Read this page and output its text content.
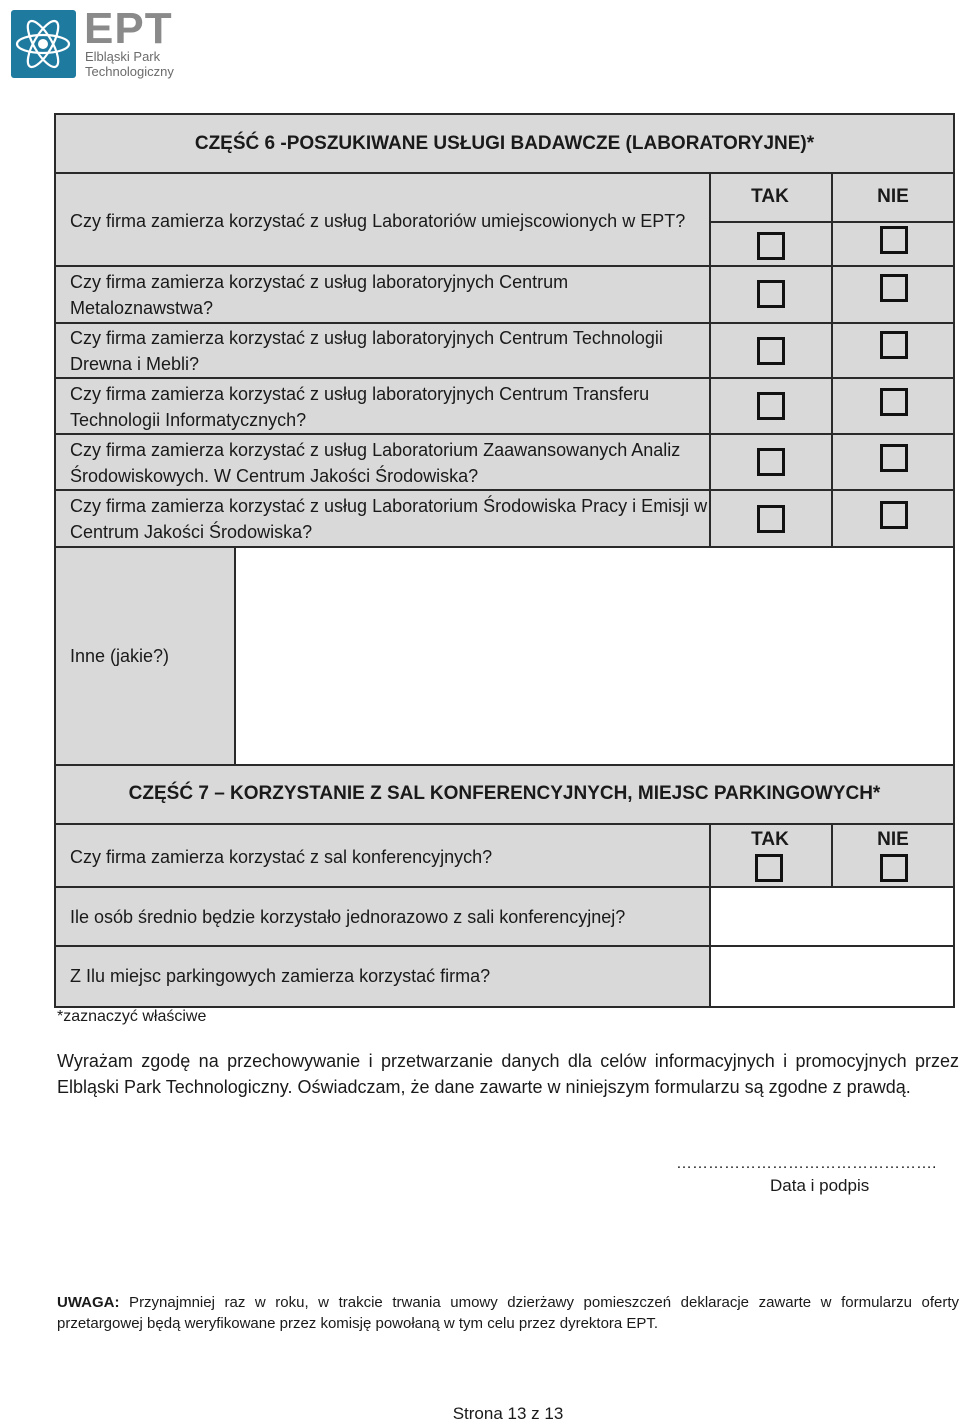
EPT
Elbląski Park
Technologiczny
CZĘŚĆ 6 -POSZUKIWANE USŁUGI BADAWCZE (LABORATORYJNE)*
TAK	NIE
Czy firma zamierza korzystać z usług Laboratoriów umiejscowionych w EPT?
Czy firma zamierza korzystać z usług laboratoryjnych Centrum Metaloznawstwa?
Czy firma zamierza korzystać z usług laboratoryjnych Centrum Technologii Drewna i Mebli?
Czy firma zamierza korzystać z usług laboratoryjnych Centrum Transferu Technologii Informatycznych?
Czy firma zamierza korzystać z usług Laboratorium Zaawansowanych Analiz Środowiskowych. W Centrum Jakości Środowiska?
Czy firma zamierza korzystać z usług Laboratorium Środowiska Pracy i Emisji w Centrum Jakości Środowiska?
Inne (jakie?)
CZĘŚĆ 7 – KORZYSTANIE Z SAL KONFERENCYJNYCH, MIEJSC PARKINGOWYCH*
Czy firma zamierza korzystać z sal konferencyjnych?
TAK	NIE
Ile osób średnio będzie korzystało jednorazowo z sali konferencyjnej?
Z Ilu miejsc parkingowych zamierza korzystać firma?
*zaznaczyć właściwe
Wyrażam zgodę na przechowywanie i przetwarzanie danych dla celów informacyjnych i promocyjnych przez Elbląski Park Technologiczny. Oświadczam, że dane zawarte w niniejszym formularzu są zgodne z prawdą.
………………………………………….
Data i podpis
UWAGA: Przynajmniej raz w roku, w trakcie trwania umowy dzierżawy pomieszczeń deklaracje zawarte w formularzu oferty przetargowej będą weryfikowane przez komisję powołaną w tym celu przez dyrektora EPT.
Strona 13 z 13
